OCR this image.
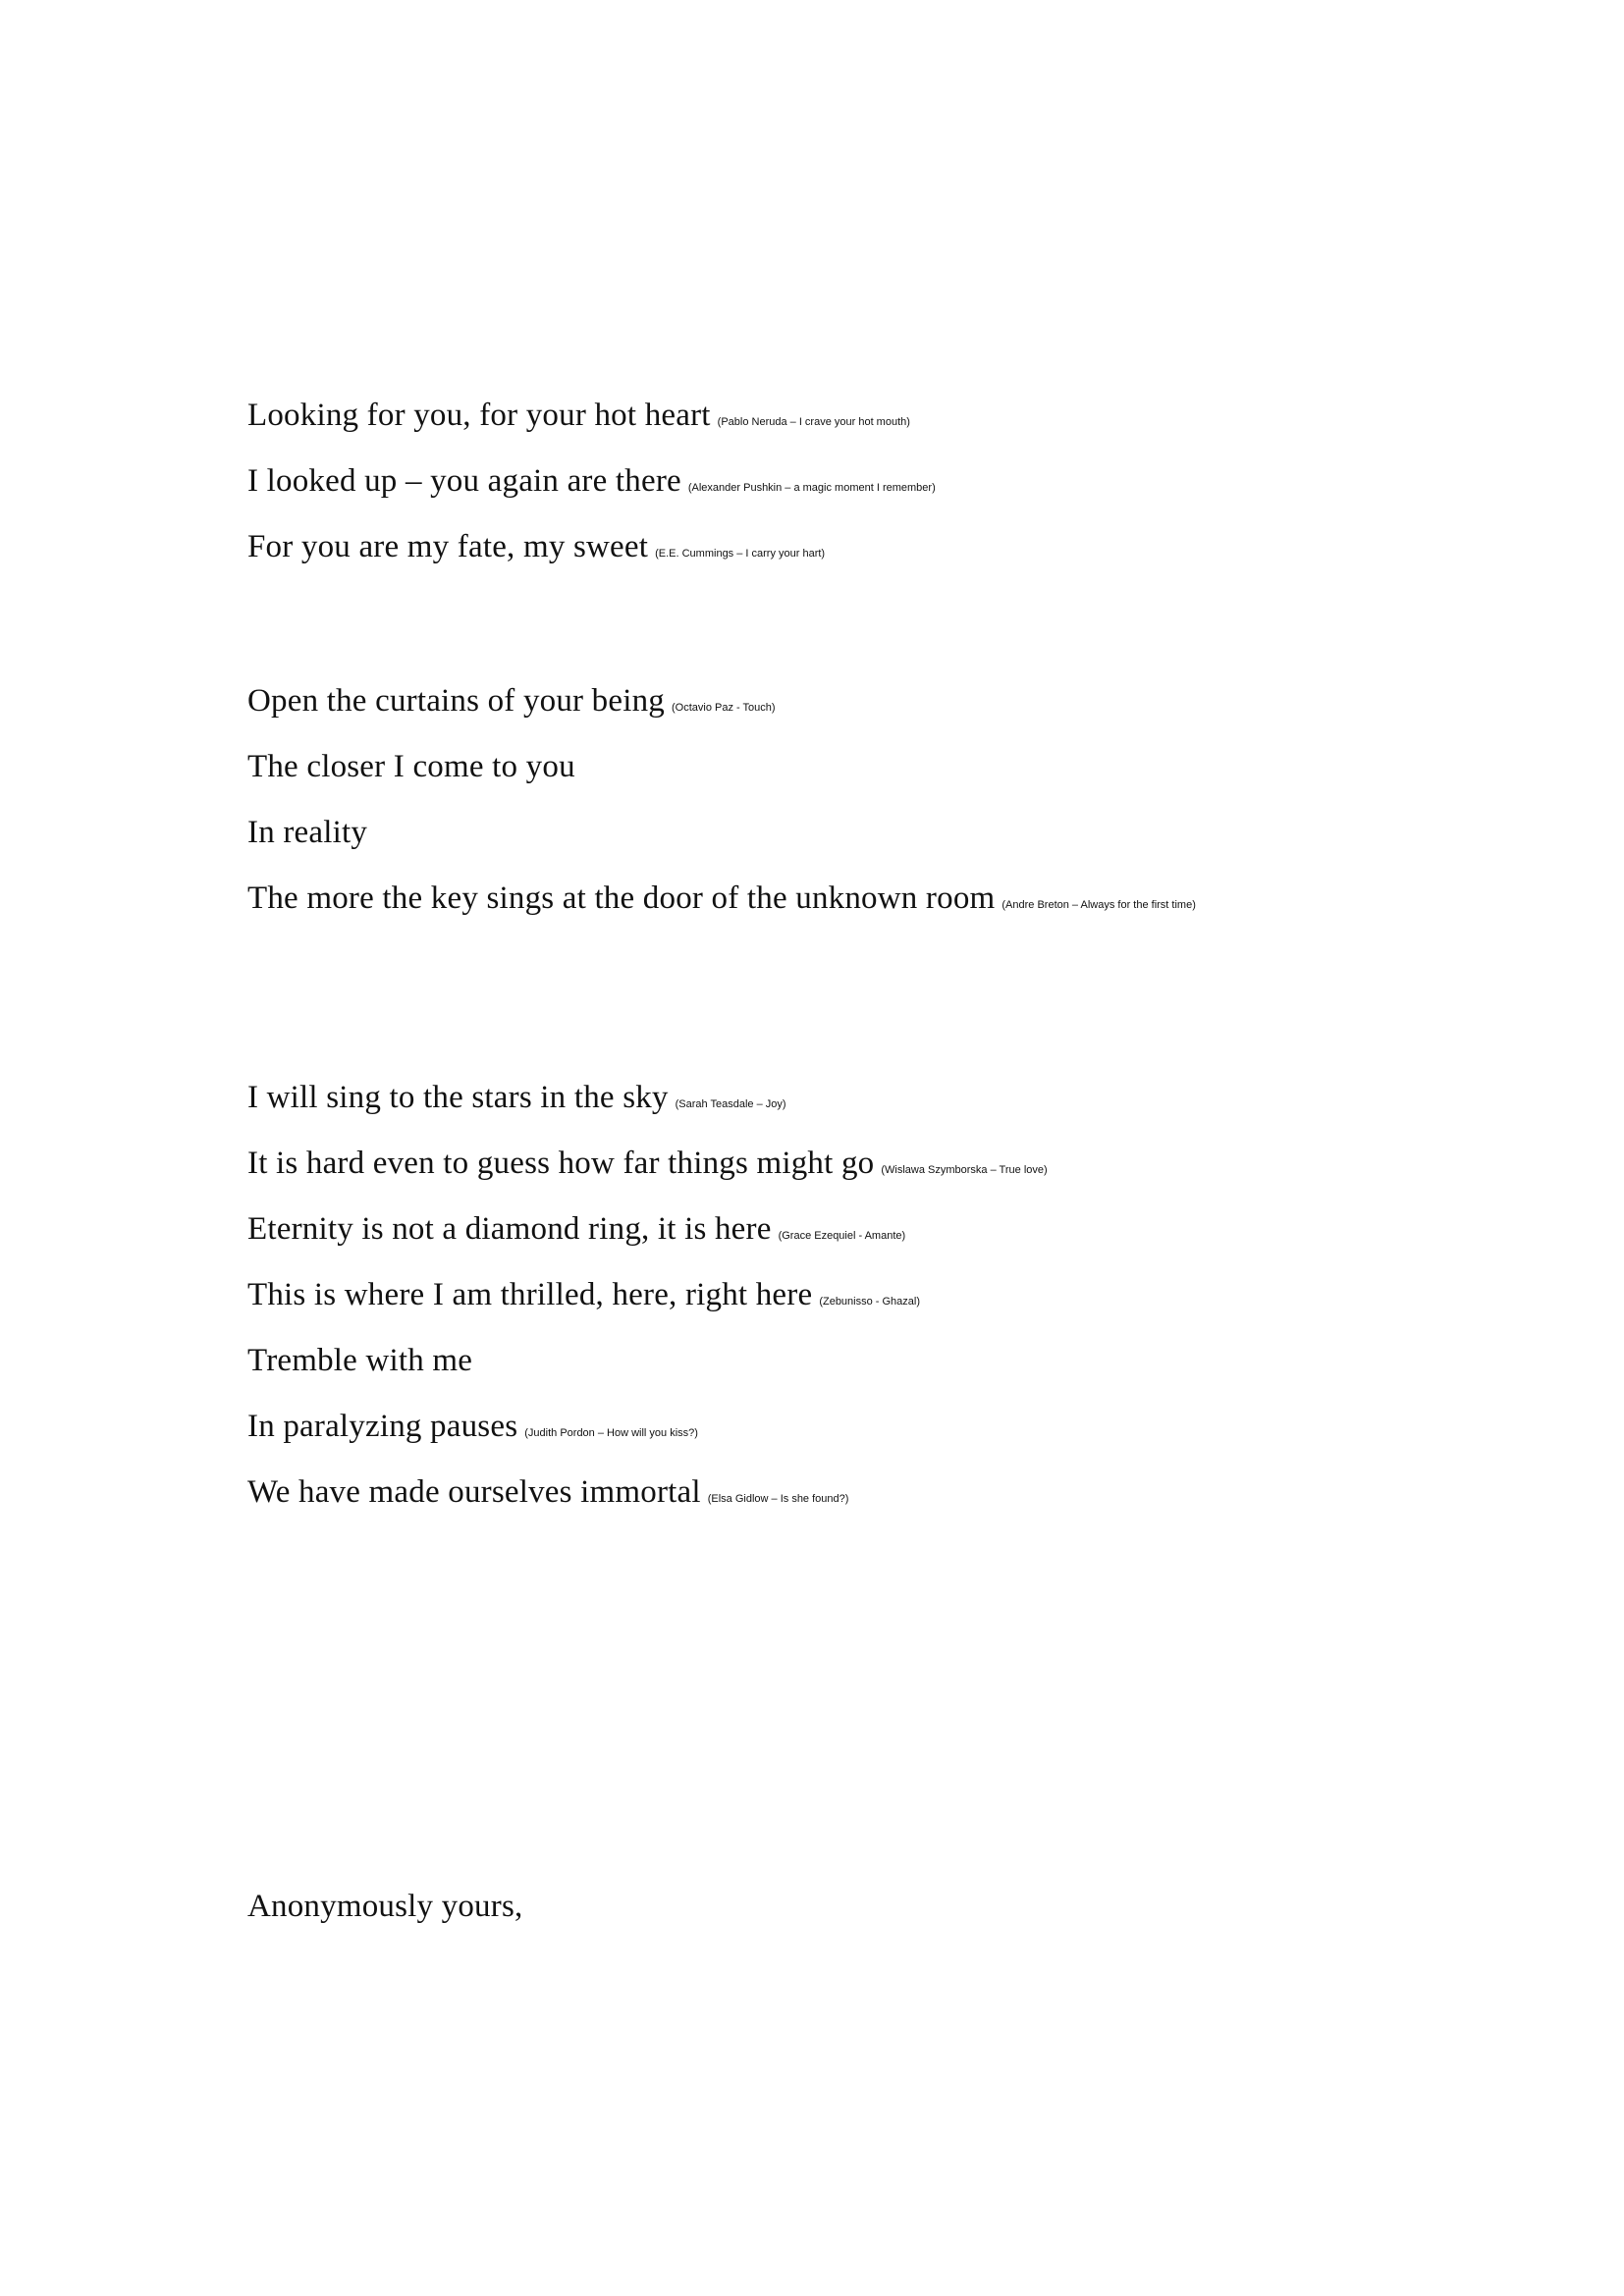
Looking for you, for your hot heart (Pablo Neruda – I crave your hot mouth)
I looked up – you again are there (Alexander Pushkin – a magic moment I remember)
For you are my fate, my sweet (E.E. Cummings – I carry your hart)
Open the curtains of your being (Octavio Paz - Touch)
The closer I come to you
In reality
The more the key sings at the door of the unknown room (Andre Breton – Always for the first time)
I will sing to the stars in the sky (Sarah Teasdale – Joy)
It is hard even to guess how far things might go (Wislawa Szymborska – True love)
Eternity is not a diamond ring, it is here (Grace Ezequiel - Amante)
This is where I am thrilled, here, right here (Zebunisso - Ghazal)
Tremble with me
In paralyzing pauses (Judith Pordon – How will you kiss?)
We have made ourselves immortal (Elsa Gidlow – Is she found?)
Anonymously yours,
